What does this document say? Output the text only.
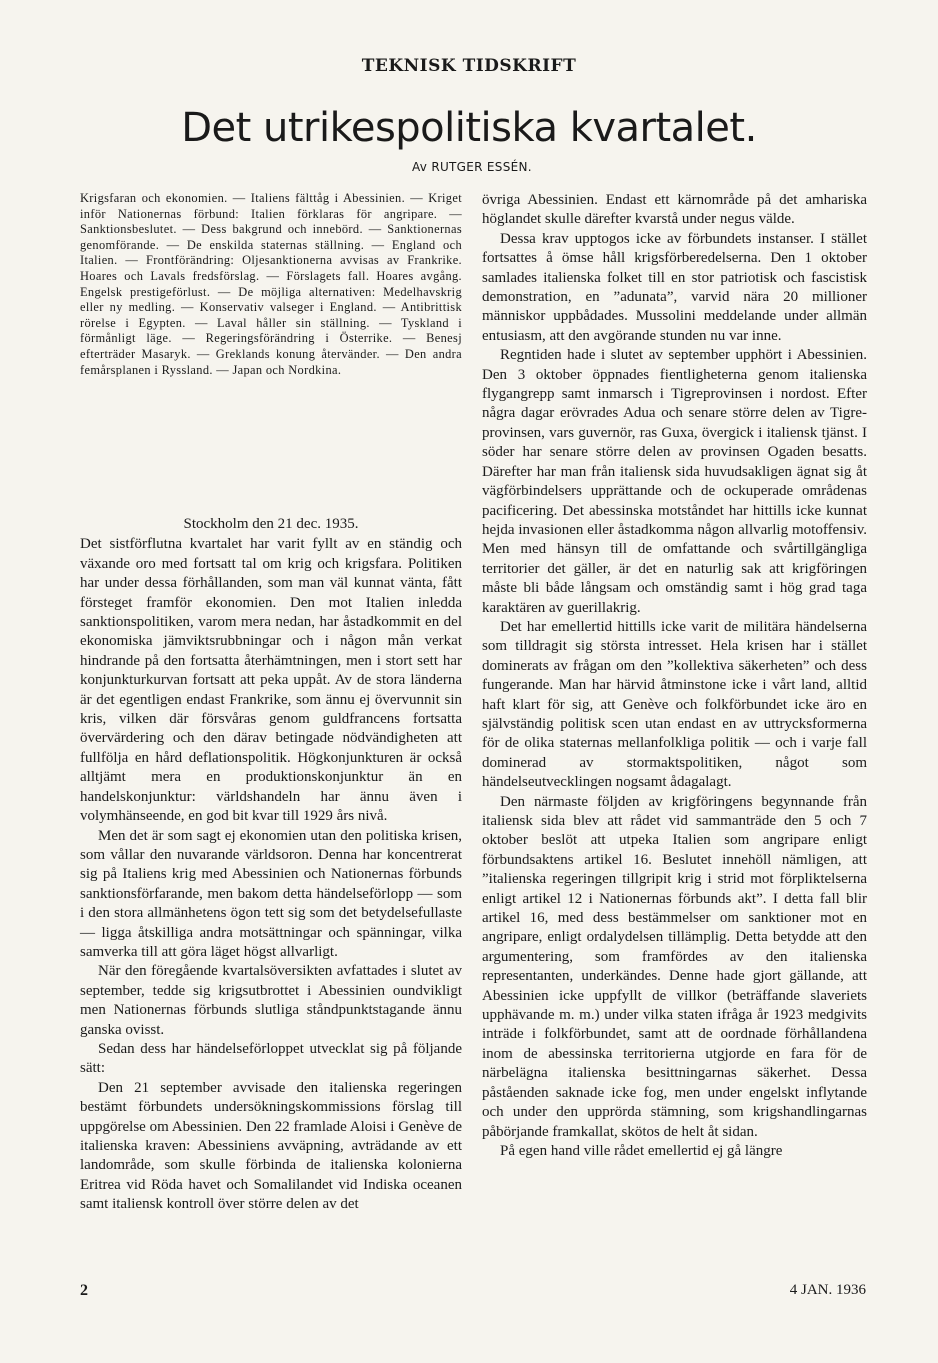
TEKNISK TIDSKRIFT
Det utrikespolitiska kvartalet.
Av RUTGER ESSÉN.

Krigsfaran och ekonomien. — Italiens fälttåg i Abessinien. — Kriget inför Nationernas förbund: Italien förklaras för angripare. — Sanktionsbeslutet. — Dess bakgrund och innebörd. — Sanktionernas genomförande. — De enskilda staternas ställning. — England och Italien. — Frontförändring: Oljesanktionerna avvisas av Frankrike. Hoares och Lavals fredsförslag. — Förslagets fall. Hoares avgång. Engelsk prestigeförlust. — De möjliga alternativen: Medelhavskrig eller ny medling. — Konservativ valseger i England. — Antibrittisk rörelse i Egypten. — Laval håller sin ställning. — Tyskland i förmånligt läge. — Regeringsförändring i Österrike. — Benesj efterträder Masaryk. — Greklands konung återvänder. — Den andra femårsplanen i Ryssland. — Japan och Nordkina.

Stockholm den 21 dec. 1935.

Det sistförflutna kvartalet har varit fyllt av en ständig och växande oro med fortsatt tal om krig och krigsfara. Politiken har under dessa förhållanden, som man väl kunnat vänta, fått försteget framför ekonomien. Den mot Italien inledda sanktionspolitiken, varom mera nedan, har åstadkommit en del ekonomiska jämviktsrubbningar och i någon mån verkat hindrande på den fortsatta återhämtningen, men i stort sett har konjunkturkurvan fortsatt att peka uppåt. Av de stora länderna är det egentligen endast Frankrike, som ännu ej övervunnit sin kris, vilken där försvåras genom guldfrancens fortsatta övervärdering och den därav betingade nödvändigheten att fullfölja en hård deflationspolitik. Högkonjunkturen är också alltjämt mera en produktionskonjunktur än en handelskonjunktur: världshandeln har ännu även i volymhänseende, en god bit kvar till 1929 års nivå.

Men det är som sagt ej ekonomien utan den politiska krisen, som vållar den nuvarande världsoron. Denna har koncentrerat sig på Italiens krig med Abessinien och Nationernas förbunds sanktionsförfarande, men bakom detta händelseförlopp — som i den stora allmänhetens ögon tett sig som det betydelsefullaste — ligga åtskilliga andra motsättningar och spänningar, vilka samverka till att göra läget högst allvarligt.

När den föregående kvartalsöversikten avfattades i slutet av september, tedde sig krigsutbrottet i Abessinien oundvikligt men Nationernas förbunds slutliga ståndpunktstagande ännu ganska ovisst.

Sedan dess har händelseförloppet utvecklat sig på följande sätt:

Den 21 september avvisade den italienska regeringen bestämt förbundets undersökningskommissions förslag till uppgörelse om Abessinien. Den 22 framlade Aloisi i Genève de italienska kraven: Abessiniens avväpning, avträdande av ett landområde, som skulle förbinda de italienska kolonierna Eritrea vid Röda havet och Somalilandet vid Indiska oceanen samt italiensk kontroll över större delen av det

övriga Abessinien. Endast ett kärnområde på det amhariska höglandet skulle därefter kvarstå under negus välde.

Dessa krav upptogos icke av förbundets instanser. I stället fortsattes å ömse håll krigsförberedelserna. Den 1 oktober samlades italienska folket till en stor patriotisk och fascistisk demonstration, en ”adunata”, varvid nära 20 millioner människor uppbådades. Mussolini meddelande under allmän entusiasm, att den avgörande stunden nu var inne.

Regntiden hade i slutet av september upphört i Abessinien. Den 3 oktober öppnades fientligheterna genom italienska flygangrepp samt inmarsch i Tigreprovinsen i nordost. Efter några dagar erövrades Adua och senare större delen av Tigre-provinsen, vars guvernör, ras Guxa, övergick i italiensk tjänst. I söder har senare större delen av provinsen Ogaden besatts. Därefter har man från italiensk sida huvudsakligen ägnat sig åt vägförbindelsers upprättande och de ockuperade områdenas pacificering. Det abessinska motståndet har hittills icke kunnat hejda invasionen eller åstadkomma någon allvarlig motoffensiv. Men med hänsyn till de omfattande och svårtillgängliga territorier det gäller, är det en naturlig sak att krigföringen måste bli både långsam och omständig samt i hög grad taga karaktären av guerillakrig.

Det har emellertid hittills icke varit de militära händelserna som tilldragit sig största intresset. Hela krisen har i stället dominerats av frågan om den ”kollektiva säkerheten” och dess fungerande. Man har härvid åtminstone icke i vårt land, alltid haft klart för sig, att Genève och folkförbundet icke äro en självständig politisk scen utan endast en av uttrycksformerna för de olika staternas mellanfolkliga politik — och i varje fall dominerad av stormaktspolitiken, något som händelseutvecklingen nogsamt ådagalagt.

Den närmaste följden av krigföringens begynnande från italiensk sida blev att rådet vid sammanträde den 5 och 7 oktober beslöt att utpeka Italien som angripare enligt förbundsaktens artikel 16. Beslutet innehöll nämligen, att ”italienska regeringen tillgripit krig i strid mot förpliktelserna enligt artikel 12 i Nationernas förbunds akt”. I detta fall blir artikel 16, med dess bestämmelser om sanktioner mot en angripare, enligt ordalydelsen tillämplig. Detta betydde att den argumentering, som framfördes av den italienska representanten, underkändes. Denne hade gjort gällande, att Abessinien icke uppfyllt de villkor (beträffande slaveriets upphävande m. m.) under vilka staten ifråga år 1923 medgivits inträde i folkförbundet, samt att de oordnade förhållandena inom de abessinska territorierna utgjorde en fara för de närbelägna italienska besittningarnas säkerhet. Dessa påståenden saknade icke fog, men under engelskt inflytande och under den upprörda stämning, som krigshandlingarnas påbörjande framkallat, skötos de helt åt sidan.

På egen hand ville rådet emellertid ej gå längre

2	4 JAN. 1936
